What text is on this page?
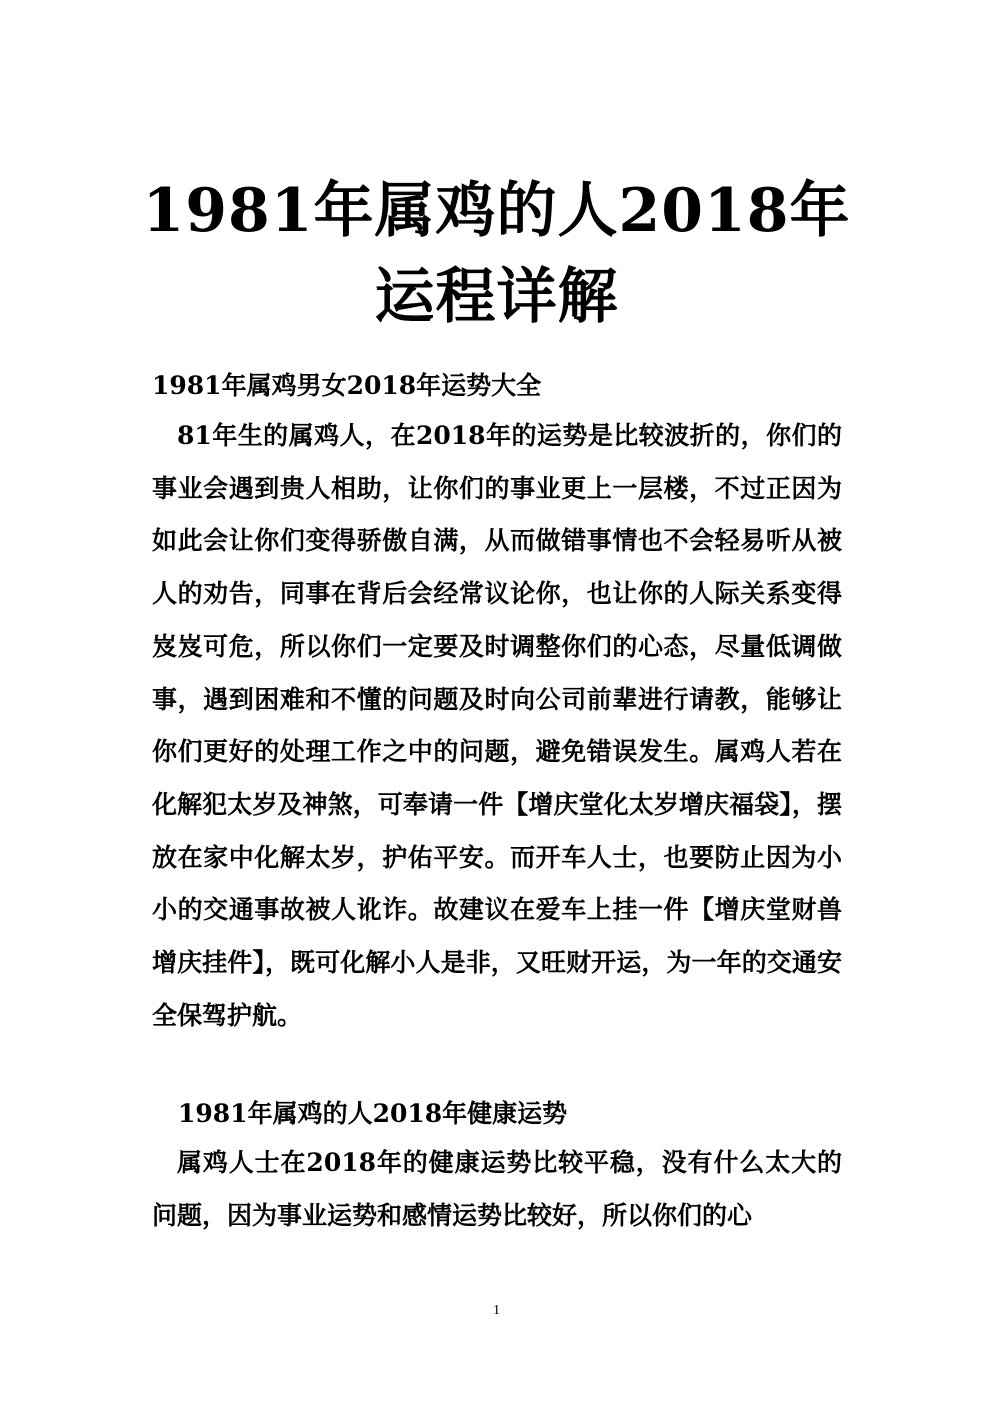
1981年属鸡的人2018年
运程详解
1981年属鸡男女2018年运势大全
81年生的属鸡人，在2018年的运势是比较波折的，你们的事业会遇到贵人相助，让你们的事业更上一层楼，不过正因为如此会让你们变得骄傲自满，从而做错事情也不会轻易听从被人的劝告，同事在背后会经常议论你，也让你的人际关系变得岌岌可危，所以你们一定要及时调整你们的心态，尽量低调做事，遇到困难和不懂的问题及时向公司前辈进行请教，能够让你们更好的处理工作之中的问题，避免错误发生。属鸡人若在化解犯太岁及神煞，可奉请一件【增庆堂化太岁增庆福袋】，摆放在家中化解太岁，护佑平安。而开车人士，也要防止因为小小的交通事故被人讹诈。故建议在爱车上挂一件【增庆堂财兽增庆挂件】，既可化解小人是非，又旺财开运，为一年的交通安全保驾护航。
1981年属鸡的人2018年健康运势
属鸡人士在2018年的健康运势比较平稳，没有什么太大的问题，因为事业运势和感情运势比较好，所以你们的心
1
